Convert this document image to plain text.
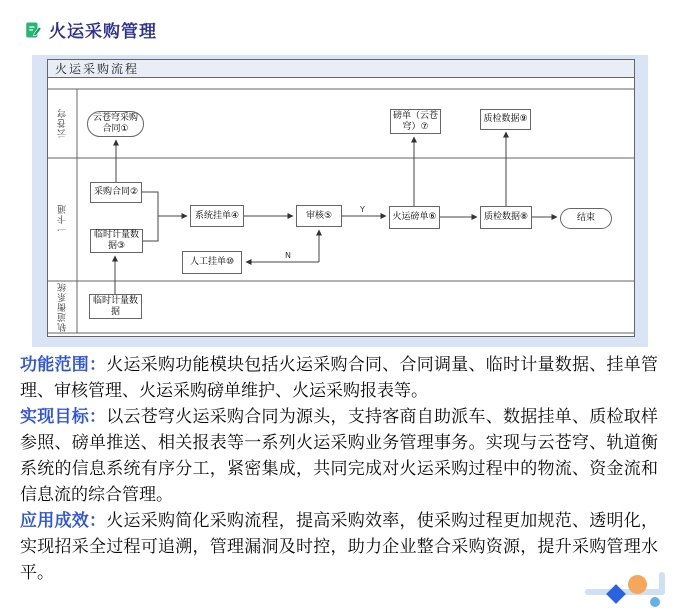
火运采购管理
火运采购流程
云苍穹
一卡通
轨道衡系统
云苍穹采购合同①
磅单（云苍穹）⑦
质检数据⑨
采购合同②
临时计量数据③
系统挂单④
人工挂单⑩
审核⑤	火运磅单⑥	质检数据⑧	结束
临时计量数据
Y
N

功能范围：火运采购功能模块包括火运采购合同、合同调量、临时计量数据、挂单管理、审核管理、火运采购磅单维护、火运采购报表等。

实现目标：以云苍穹火运采购合同为源头，支持客商自助派车、数据挂单、质检取样参照、磅单推送、相关报表等一系列火运采购业务管理事务。实现与云苍穹、轨道衡系统的信息系统有序分工，紧密集成，共同完成对火运采购过程中的物流、资金流和信息流的综合管理。

应用成效：火运采购简化采购流程，提高采购效率，使采购过程更加规范、透明化，实现招采全过程可追溯，管理漏洞及时控，助力企业整合采购资源，提升采购管理水平。
